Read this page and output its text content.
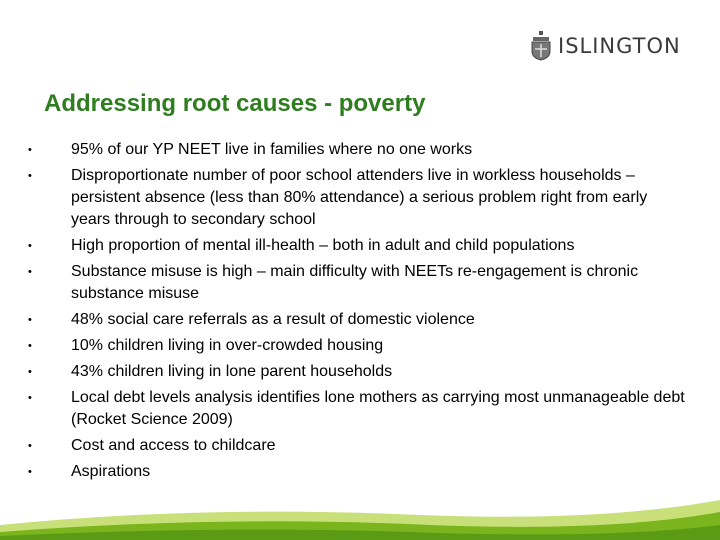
ISLINGTON
Addressing root causes - poverty
•	95% of our YP NEET live in families where no one works
•	Disproportionate number of poor school attenders live in workless households – persistent absence (less than 80% attendance) a serious problem right from early years through to secondary school
•	High proportion of mental ill-health – both in adult and child populations
•	Substance misuse is high – main difficulty with NEETs re-engagement is chronic substance misuse
•	48% social care referrals as a result of domestic violence
•	10% children living in over-crowded housing
•	43% children living in lone parent households
•	Local debt levels analysis identifies lone mothers as carrying most unmanageable debt (Rocket Science 2009)
•	Cost and access to childcare
•	Aspirations
